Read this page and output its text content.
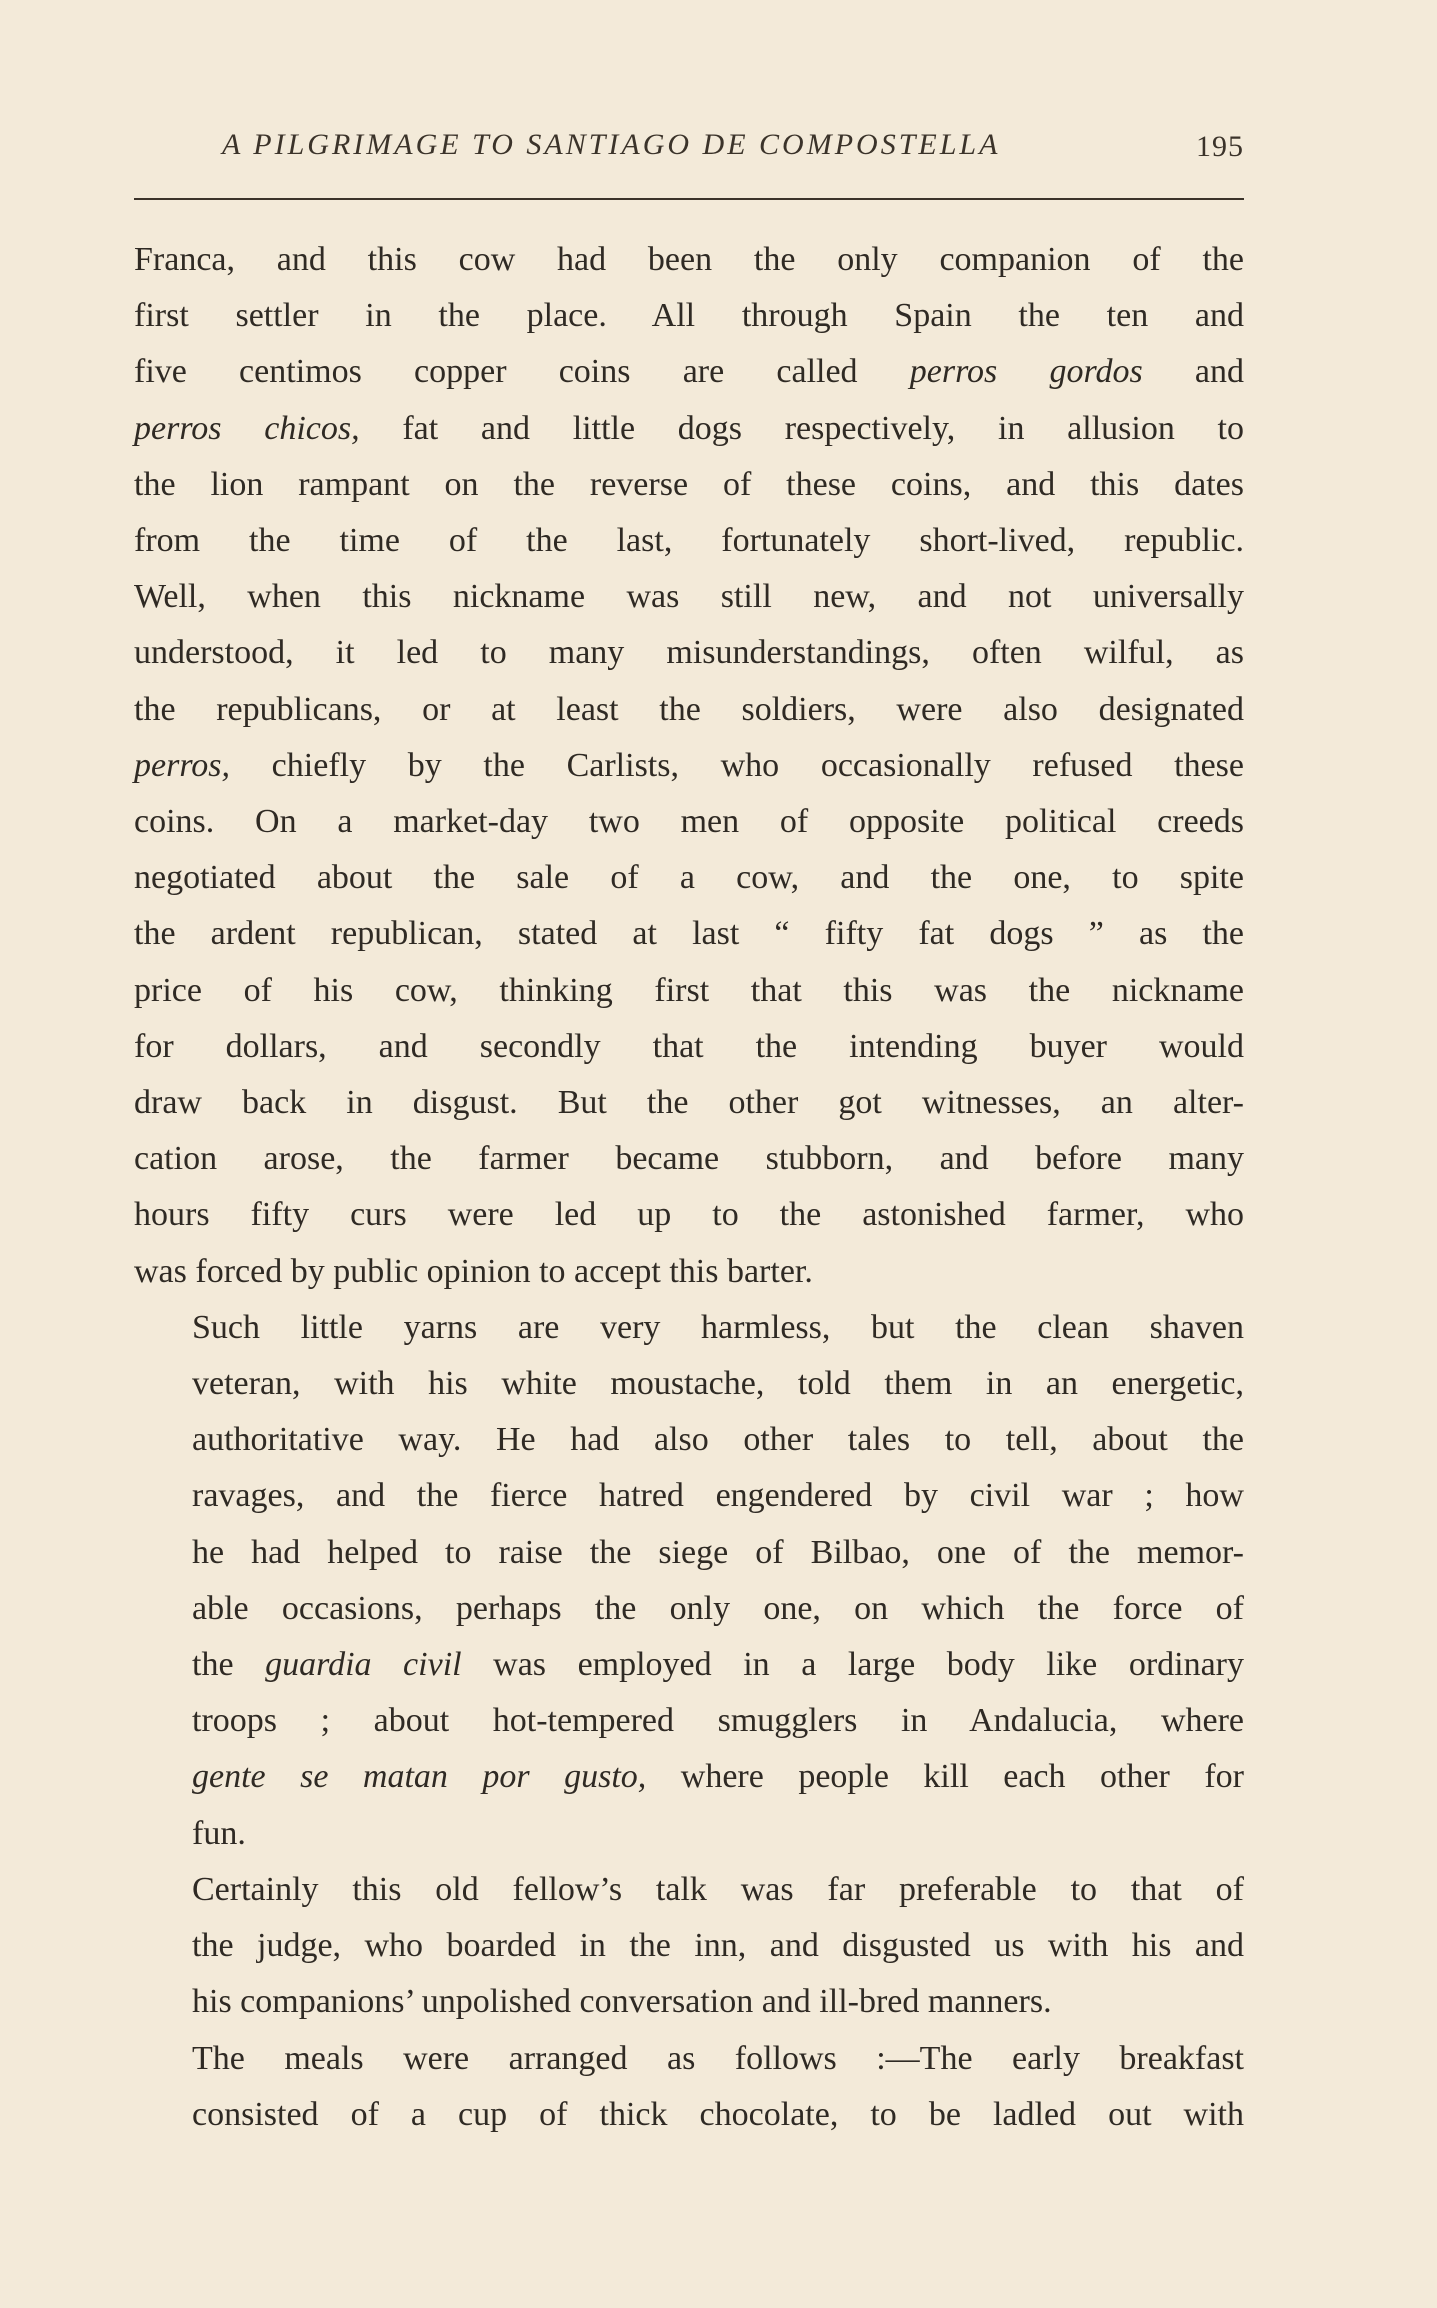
A PILGRIMAGE TO SANTIAGO DE COMPOSTELLA	195

Franca, and this cow had been the only companion of the
first settler in the place. All through Spain the ten and
five centimos copper coins are called perros gordos and
perros chicos, fat and little dogs respectively, in allusion to
the lion rampant on the reverse of these coins, and this dates
from the time of the last, fortunately short-lived, republic.
Well, when this nickname was still new, and not universally
understood, it led to many misunderstandings, often wilful, as
the republicans, or at least the soldiers, were also designated
perros, chiefly by the Carlists, who occasionally refused these
coins. On a market-day two men of opposite political creeds
negotiated about the sale of a cow, and the one, to spite
the ardent republican, stated at last “ fifty fat dogs ” as the
price of his cow, thinking first that this was the nickname
for dollars, and secondly that the intending buyer would
draw back in disgust. But the other got witnesses, an alter-
cation arose, the farmer became stubborn, and before many
hours fifty curs were led up to the astonished farmer, who
was forced by public opinion to accept this barter.

Such little yarns are very harmless, but the clean shaven
veteran, with his white moustache, told them in an energetic,
authoritative way. He had also other tales to tell, about the
ravages, and the fierce hatred engendered by civil war ; how
he had helped to raise the siege of Bilbao, one of the memor-
able occasions, perhaps the only one, on which the force of
the guardia civil was employed in a large body like ordinary
troops ; about hot-tempered smugglers in Andalucia, where
gente se matan por gusto, where people kill each other for
fun.

Certainly this old fellow’s talk was far preferable to that of
the judge, who boarded in the inn, and disgusted us with his and
his companions’ unpolished conversation and ill-bred manners.

The meals were arranged as follows :—The early breakfast
consisted of a cup of thick chocolate, to be ladled out with
